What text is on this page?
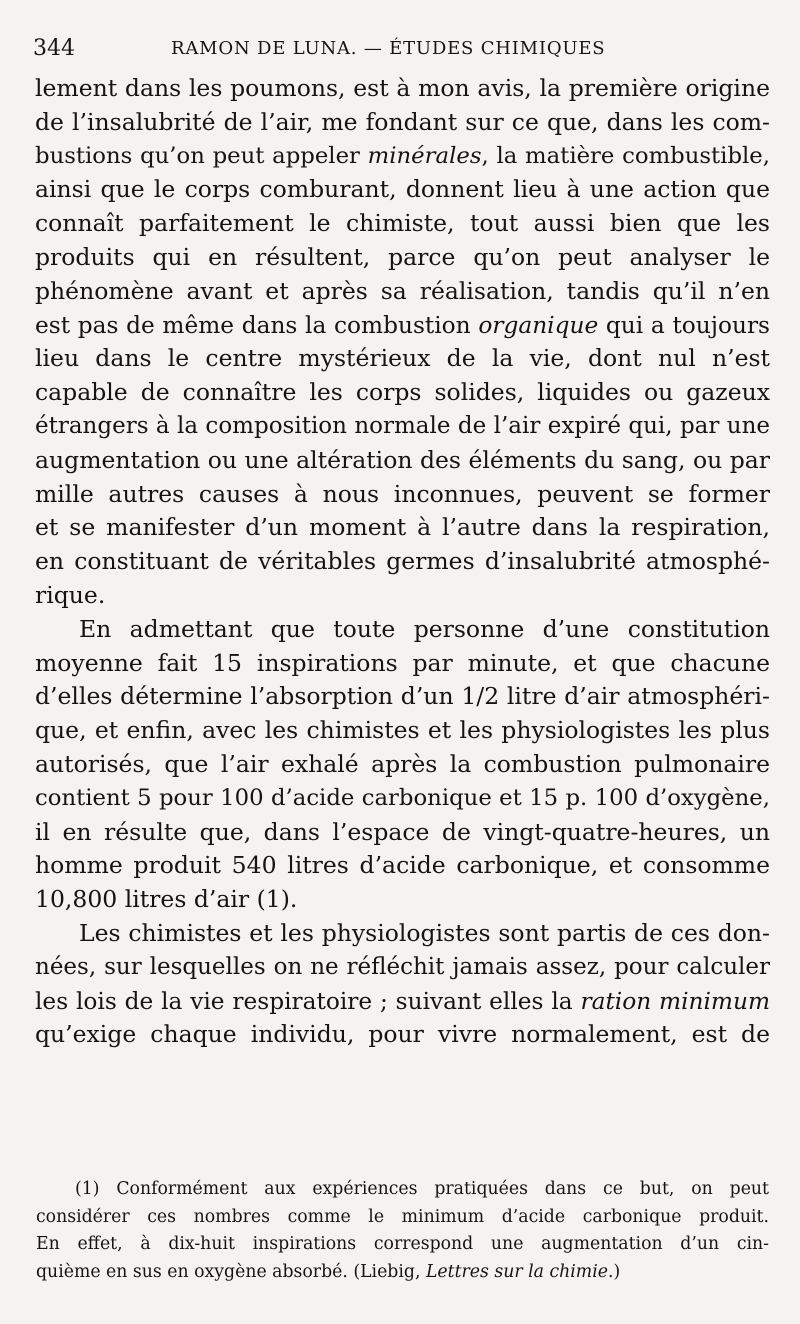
344	RAMON DE LUNA. — ÉTUDES CHIMIQUES
lement dans les poumons, est à mon avis, la première origine
de l’insalubrité de l’air, me fondant sur ce que, dans les com-
bustions qu’on peut appeler minérales, la matière combustible,
ainsi que le corps comburant, donnent lieu à une action que
connaît parfaitement le chimiste, tout aussi bien que les
produits qui en résultent, parce qu’on peut analyser le
phénomène avant et après sa réalisation, tandis qu’il n’en
est pas de même dans la combustion organique qui a toujours
lieu dans le centre mystérieux de la vie, dont nul n’est
capable de connaître les corps solides, liquides ou gazeux
étrangers à la composition normale de l’air expiré qui, par une
augmentation ou une altération des éléments du sang, ou par
mille autres causes à nous inconnues, peuvent se former
et se manifester d’un moment à l’autre dans la respiration,
en constituant de véritables germes d’insalubrité atmosphé-
rique.
En admettant que toute personne d’une constitution
moyenne fait 15 inspirations par minute, et que chacune
d’elles détermine l’absorption d’un 1/2 litre d’air atmosphéri-
que, et enfin, avec les chimistes et les physiologistes les plus
autorisés, que l’air exhalé après la combustion pulmonaire
contient 5 pour 100 d’acide carbonique et 15 p. 100 d’oxygène,
il en résulte que, dans l’espace de vingt-quatre-heures, un
homme produit 540 litres d’acide carbonique, et consomme
10,800 litres d’air (1).
Les chimistes et les physiologistes sont partis de ces don-
nées, sur lesquelles on ne réfléchit jamais assez, pour calculer
les lois de la vie respiratoire ; suivant elles la ration minimum
qu’exige chaque individu, pour vivre normalement, est de
(1) Conformément aux expériences pratiquées dans ce but, on peut
considérer ces nombres comme le minimum d’acide carbonique produit.
En effet, à dix-huit inspirations correspond une augmentation d’un cin-
quième en sus en oxygène absorbé. (Liebig, Lettres sur la chimie.)
